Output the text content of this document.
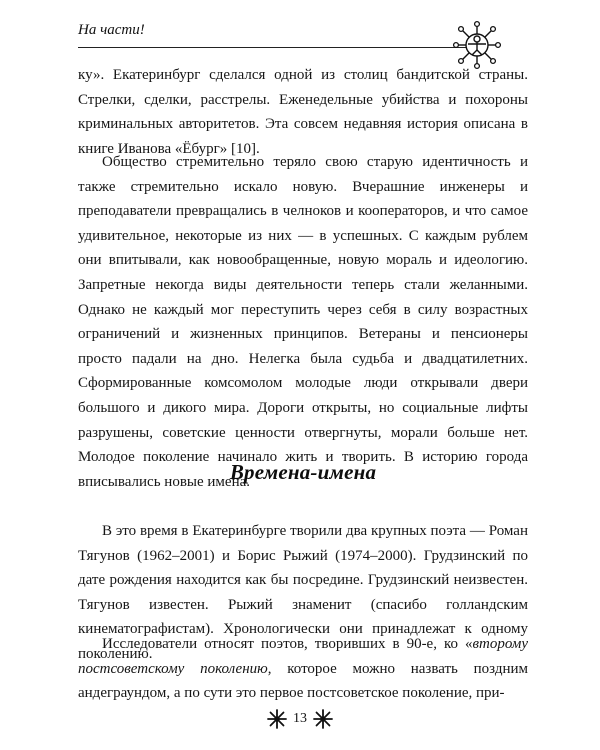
На части!

ку». Екатеринбург сделался одной из столиц бандитской страны. Стрелки, сделки, расстрелы. Еженедельные убийства и похороны криминальных авторитетов. Эта совсем недавняя история описана в книге Иванова «Ёбург» [10].

Общество стремительно теряло свою старую идентичность и также стремительно искало новую. Вчерашние инженеры и преподаватели превращались в челноков и кооператоров, и что самое удивительное, некоторые из них — в успешных. С каждым рублем они впитывали, как новообращенные, новую мораль и идеологию. Запретные некогда виды деятельности теперь стали желанными. Однако не каждый мог переступить через себя в силу возрастных ограничений и жизненных принципов. Ветераны и пенсионеры просто падали на дно. Нелегка была судьба и двадцатилетних. Сформированные комсомолом молодые люди открывали двери большого и дикого мира. Дороги открыты, но социальные лифты разрушены, советские ценности отвергнуты, морали больше нет. Молодое поколение начинало жить и творить. В историю города вписывались новые имена.

Времена-имена

В это время в Екатеринбурге творили два крупных поэта — Роман Тягунов (1962–2001) и Борис Рыжий (1974–2000). Грудзинский по дате рождения находится как бы посредине. Грудзинский неизвестен. Тягунов известен. Рыжий знаменит (спасибо голландским кинематографистам). Хронологически они принадлежат к одному поколению.

Исследователи относят поэтов, творивших в 90-е, ко «второму постсоветскому поколению, которое можно назвать поздним андеграундом, а по сути это первое постсоветское поколение, при-

13
